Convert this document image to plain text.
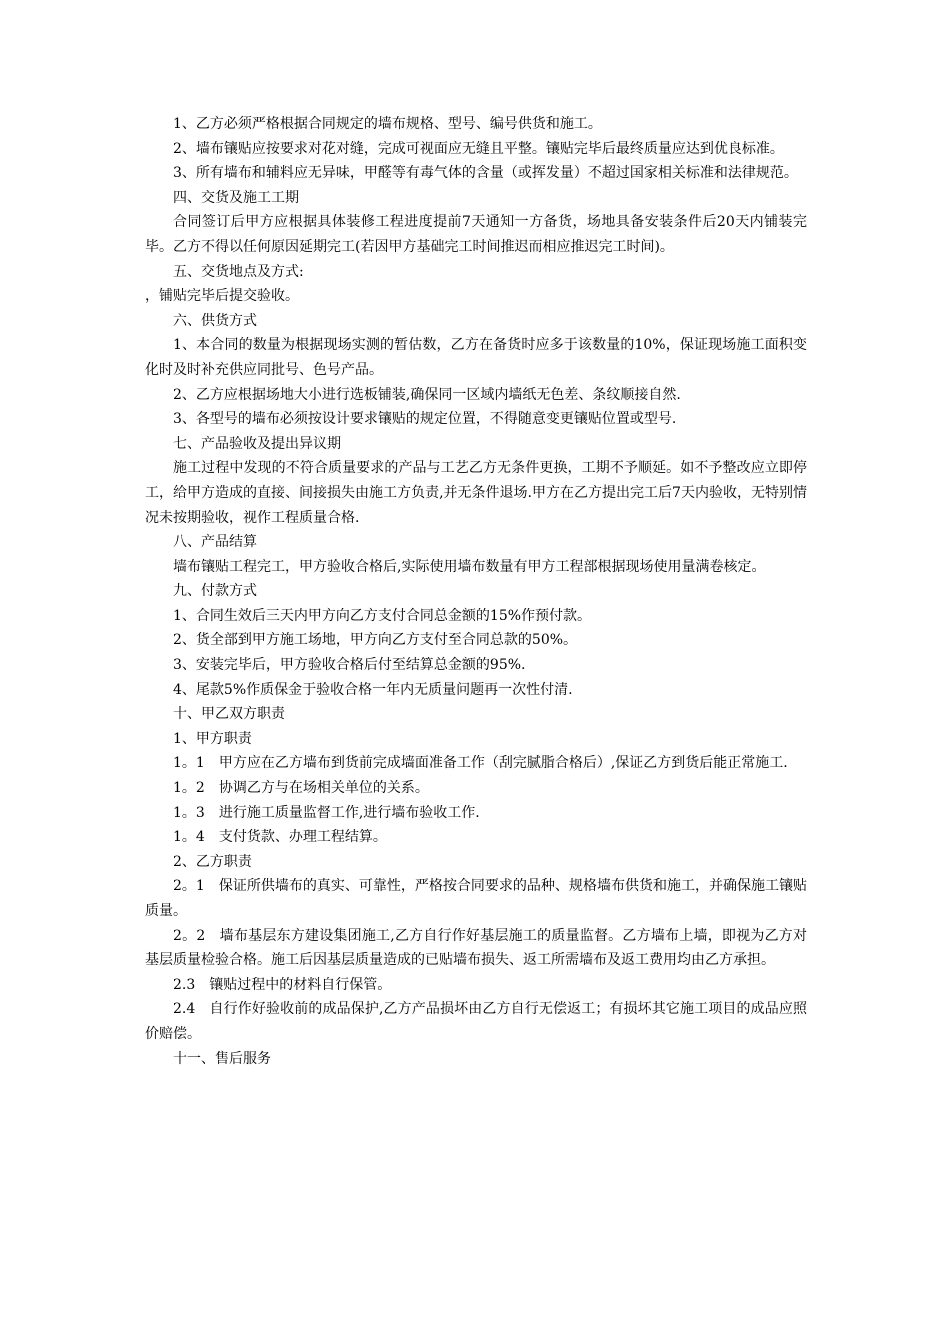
1、乙方必须严格根据合同规定的墙布规格、型号、编号供货和施工。

2、墙布镶贴应按要求对花对缝，完成可视面应无缝且平整。镶贴完毕后最终质量应达到优良标准。

3、所有墙布和辅料应无异味，甲醛等有毒气体的含量（或挥发量）不超过国家相关标准和法律规范。

四、交货及施工工期

合同签订后甲方应根据具体装修工程进度提前7天通知一方备货，场地具备安装条件后20天内铺装完毕。乙方不得以任何原因延期完工(若因甲方基础完工时间推迟而相应推迟完工时间)。

五、交货地点及方式:

，铺贴完毕后提交验收。

六、供货方式

1、本合同的数量为根据现场实测的暂估数，乙方在备货时应多于该数量的10%，保证现场施工面积变化时及时补充供应同批号、色号产品。

2、乙方应根据场地大小进行选板铺装,确保同一区域内墙纸无色差、条纹顺接自然.

3、各型号的墙布必须按设计要求镶贴的规定位置，不得随意变更镶贴位置或型号.

七、产品验收及提出异议期

施工过程中发现的不符合质量要求的产品与工艺乙方无条件更换，工期不予顺延。如不予整改应立即停工，给甲方造成的直接、间接损失由施工方负责,并无条件退场.甲方在乙方提出完工后7天内验收，无特别情况未按期验收，视作工程质量合格.

八、产品结算

墙布镶贴工程完工，甲方验收合格后,实际使用墙布数量有甲方工程部根据现场使用量满卷核定。

九、付款方式

1、合同生效后三天内甲方向乙方支付合同总金额的15%作预付款。

2、货全部到甲方施工场地，甲方向乙方支付至合同总款的50%。

3、安装完毕后，甲方验收合格后付至结算总金额的95%.

4、尾款5%作质保金于验收合格一年内无质量问题再一次性付清.

十、甲乙双方职责

1、甲方职责

1。1　甲方应在乙方墙布到货前完成墙面准备工作（刮完腻脂合格后）,保证乙方到货后能正常施工.

1。2　协调乙方与在场相关单位的关系。

1。3　进行施工质量监督工作,进行墙布验收工作.

1。4　支付货款、办理工程结算。

2、乙方职责

2。1　保证所供墙布的真实、可靠性，严格按合同要求的品种、规格墙布供货和施工，并确保施工镶贴质量。

2。2　墙布基层东方建设集团施工,乙方自行作好基层施工的质量监督。乙方墙布上墙，即视为乙方对基层质量检验合格。施工后因基层质量造成的已贴墙布损失、返工所需墙布及返工费用均由乙方承担。

2.3　镶贴过程中的材料自行保管。

2.4　自行作好验收前的成品保护,乙方产品损坏由乙方自行无偿返工；有损坏其它施工项目的成品应照价赔偿。

十一、售后服务
